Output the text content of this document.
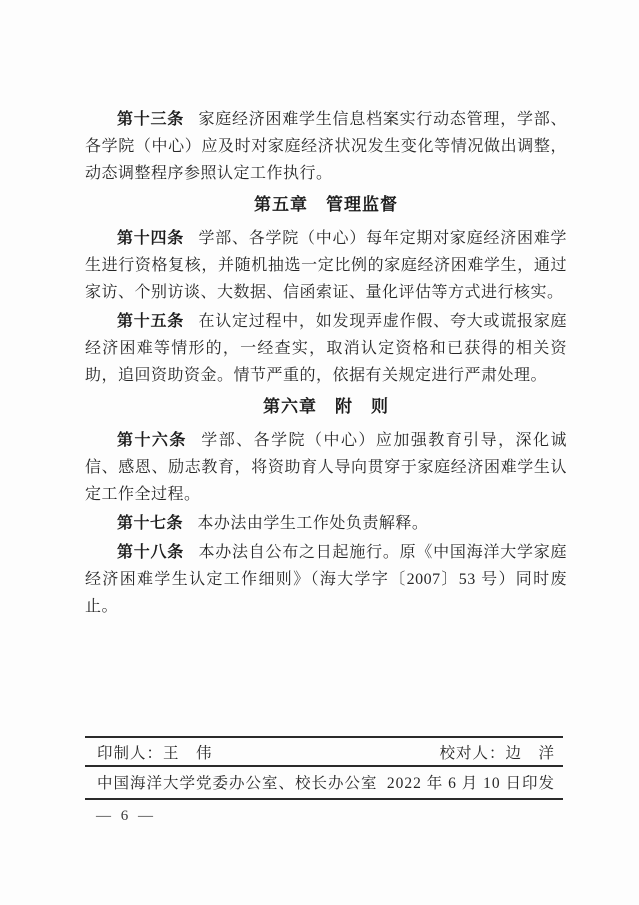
第十三条 家庭经济困难学生信息档案实行动态管理，学部、各学院（中心）应及时对家庭经济状况发生变化等情况做出调整，动态调整程序参照认定工作执行。

第五章　管理监督

第十四条 学部、各学院（中心）每年定期对家庭经济困难学生进行资格复核，并随机抽选一定比例的家庭经济困难学生，通过家访、个别访谈、大数据、信函索证、量化评估等方式进行核实。

第十五条 在认定过程中，如发现弄虚作假、夸大或谎报家庭经济困难等情形的，一经查实，取消认定资格和已获得的相关资助，追回资助资金。情节严重的，依据有关规定进行严肃处理。

第六章　附　则

第十六条 学部、各学院（中心）应加强教育引导，深化诚信、感恩、励志教育，将资助育人导向贯穿于家庭经济困难学生认定工作全过程。

第十七条 本办法由学生工作处负责解释。

第十八条 本办法自公布之日起施行。原《中国海洋大学家庭经济困难学生认定工作细则》（海大学字〔2007〕53 号）同时废止。

印制人：王　伟	校对人：边　洋
中国海洋大学党委办公室、校长办公室 2022 年 6 月 10 日印发
— 6 —
